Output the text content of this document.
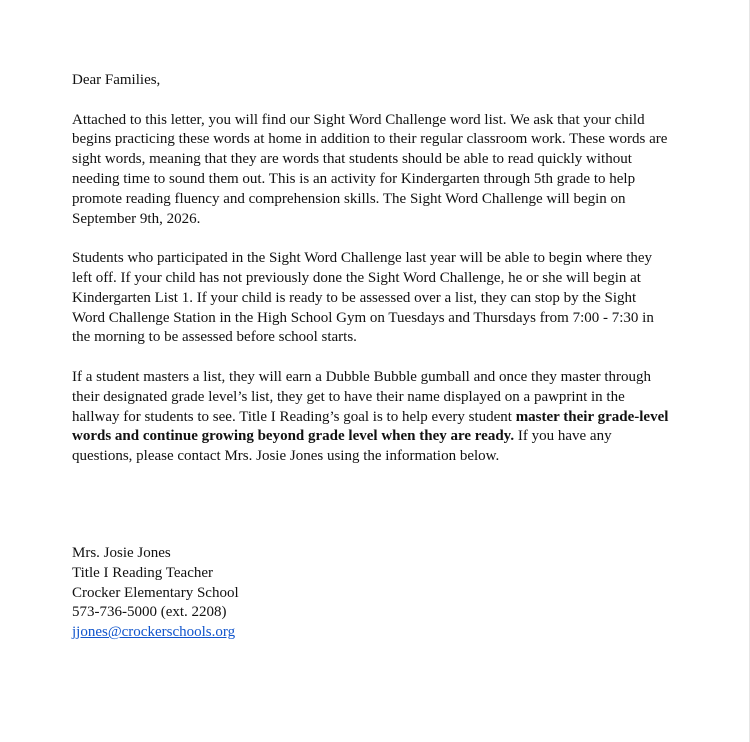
Dear Families,

Attached to this letter, you will find our Sight Word Challenge word list. We ask that your child begins practicing these words at home in addition to their regular classroom work. These words are sight words, meaning that they are words that students should be able to read quickly without needing time to sound them out. This is an activity for Kindergarten through 5th grade to help promote reading fluency and comprehension skills. The Sight Word Challenge will begin on September 9th, 2026.

Students who participated in the Sight Word Challenge last year will be able to begin where they left off. If your child has not previously done the Sight Word Challenge, he or she will begin at Kindergarten List 1. If your child is ready to be assessed over a list, they can stop by the Sight Word Challenge Station in the High School Gym on Tuesdays and Thursdays from 7:00 - 7:30 in the morning to be assessed before school starts.

If a student masters a list, they will earn a Dubble Bubble gumball and once they master through their designated grade level’s list, they get to have their name displayed on a pawprint in the hallway for students to see. Title I Reading’s goal is to help every student master their grade-level words and continue growing beyond grade level when they are ready. If you have any questions, please contact Mrs. Josie Jones using the information below.

Mrs. Josie Jones
Title I Reading Teacher
Crocker Elementary School
573-736-5000 (ext. 2208)
jjones@crockerschools.org
